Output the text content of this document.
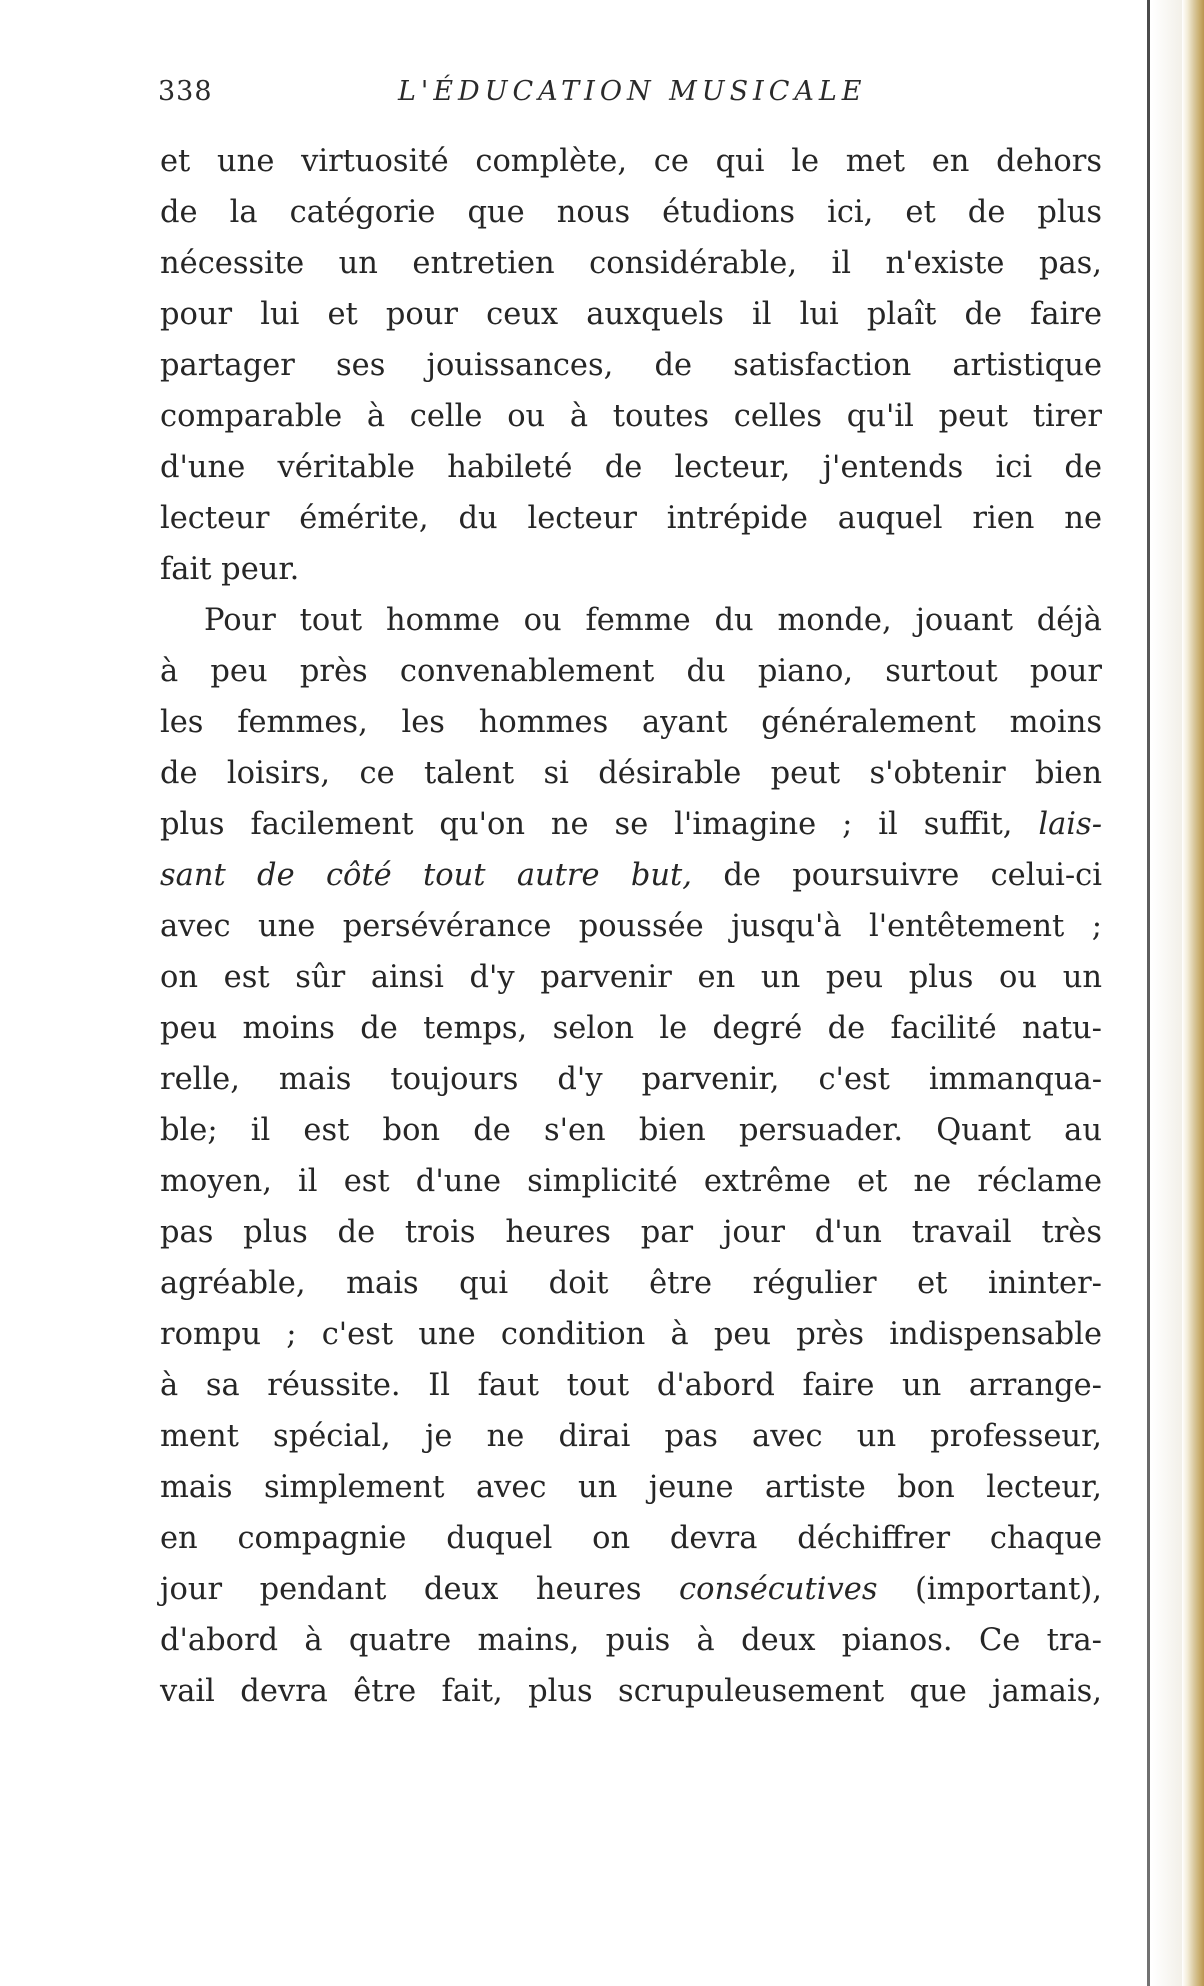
338	L'ÉDUCATION MUSICALE
et une virtuosité complète, ce qui le met en dehors
de la catégorie que nous étudions ici, et de plus
nécessite un entretien considérable, il n'existe pas,
pour lui et pour ceux auxquels il lui plaît de faire
partager ses jouissances, de satisfaction artistique
comparable à celle ou à toutes celles qu'il peut tirer
d'une véritable habileté de lecteur, j'entends ici de
lecteur émérite, du lecteur intrépide auquel rien ne
fait peur.
Pour tout homme ou femme du monde, jouant déjà
à peu près convenablement du piano, surtout pour
les femmes, les hommes ayant généralement moins
de loisirs, ce talent si désirable peut s'obtenir bien
plus facilement qu'on ne se l'imagine ; il suffit, lais-
sant de côté tout autre but, de poursuivre celui-ci
avec une persévérance poussée jusqu'à l'entêtement ;
on est sûr ainsi d'y parvenir en un peu plus ou un
peu moins de temps, selon le degré de facilité natu-
relle, mais toujours d'y parvenir, c'est immanqua-
ble; il est bon de s'en bien persuader. Quant au
moyen, il est d'une simplicité extrême et ne réclame
pas plus de trois heures par jour d'un travail très
agréable, mais qui doit être régulier et ininter-
rompu ; c'est une condition à peu près indispensable
à sa réussite. Il faut tout d'abord faire un arrange-
ment spécial, je ne dirai pas avec un professeur,
mais simplement avec un jeune artiste bon lecteur,
en compagnie duquel on devra déchiffrer chaque
jour pendant deux heures consécutives (important),
d'abord à quatre mains, puis à deux pianos. Ce tra-
vail devra être fait, plus scrupuleusement que jamais,
